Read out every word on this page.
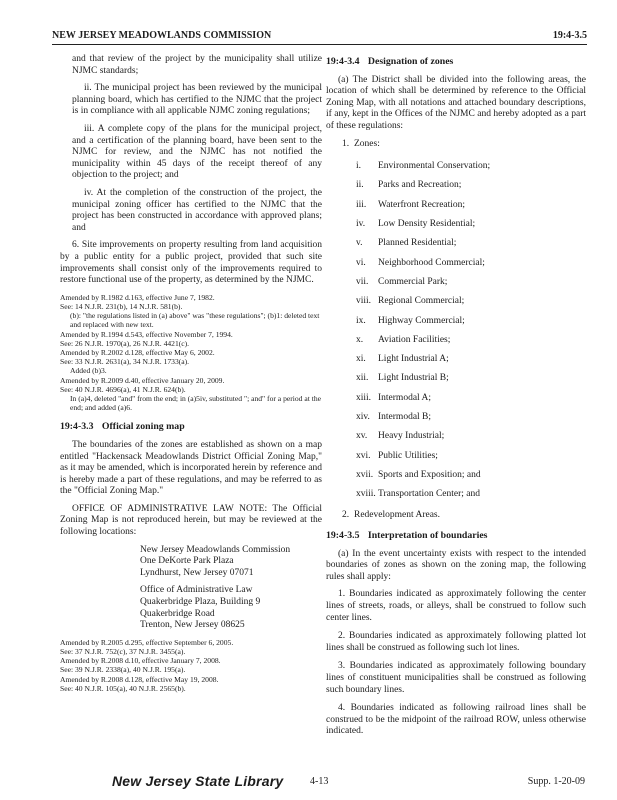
NEW JERSEY MEADOWLANDS COMMISSION	19:4-3.5

and that review of the project by the municipality shall utilize NJMC standards;

ii. The municipal project has been reviewed by the municipal planning board, which has certified to the NJMC that the project is in compliance with all applicable NJMC zoning regulations;

iii. A complete copy of the plans for the municipal project, and a certification of the planning board, have been sent to the NJMC for review, and the NJMC has not notified the municipality within 45 days of the receipt thereof of any objection to the project; and

iv. At the completion of the construction of the project, the municipal zoning officer has certified to the NJMC that the project has been constructed in accordance with approved plans; and

6. Site improvements on property resulting from land acquisition by a public entity for a public project, provided that such site improvements shall consist only of the improvements required to restore functional use of the property, as determined by the NJMC.

Amended by R.1982 d.163, effective June 7, 1982.

See: 14 N.J.R. 231(b), 14 N.J.R. 581(b).

(b): "the regulations listed in (a) above" was "these regulations"; (b)1: deleted text and replaced with new text.

Amended by R.1994 d.543, effective November 7, 1994.

See: 26 N.J.R. 1970(a), 26 N.J.R. 4421(c).

Amended by R.2002 d.128, effective May 6, 2002.

See: 33 N.J.R. 2631(a), 34 N.J.R. 1733(a).

Added (b)3.

Amended by R.2009 d.40, effective January 20, 2009.

See: 40 N.J.R. 4696(a), 41 N.J.R. 624(b).

In (a)4, deleted "and" from the end; in (a)5iv, substituted "; and" for a period at the end; and added (a)6.

19:4-3.3 Official zoning map

The boundaries of the zones are established as shown on a map entitled "Hackensack Meadowlands District Official Zoning Map," as it may be amended, which is incorporated herein by reference and is hereby made a part of these regulations, and may be referred to as the "Official Zoning Map."

OFFICE OF ADMINISTRATIVE LAW NOTE: The Official Zoning Map is not reproduced herein, but may be reviewed at the following locations:

New Jersey Meadowlands Commission
One DeKorte Park Plaza
Lyndhurst, New Jersey 07071
Office of Administrative Law
Quakerbridge Plaza, Building 9
Quakerbridge Road
Trenton, New Jersey 08625

Amended by R.2005 d.295, effective September 6, 2005.

See: 37 N.J.R. 752(c), 37 N.J.R. 3455(a).

Amended by R.2008 d.10, effective January 7, 2008.

See: 39 N.J.R. 2338(a), 40 N.J.R. 195(a).

Amended by R.2008 d.128, effective May 19, 2008.

See: 40 N.J.R. 105(a), 40 N.J.R. 2565(b).

19:4-3.4 Designation of zones

(a) The District shall be divided into the following areas, the location of which shall be determined by reference to the Official Zoning Map, with all notations and attached boundary descriptions, if any, kept in the Offices of the NJMC and hereby adopted as a part of these regulations:

1. Zones:
i.	Environmental Conservation;
ii.	Parks and Recreation;
iii.	Waterfront Recreation;
iv.	Low Density Residential;
v.	Planned Residential;
vi.	Neighborhood Commercial;
vii.	Commercial Park;
viii. Regional Commercial;
ix.	Highway Commercial;
x.	Aviation Facilities;
xi.	Light Industrial A;
xii.	Light Industrial B;
xiii. Intermodal A;
xiv. Intermodal B;
xv.	Heavy Industrial;
xvi. Public Utilities;
xvii. Sports and Exposition; and
xviii. Transportation Center; and
2. Redevelopment Areas.
19:4-3.5 Interpretation of boundaries

(a) In the event uncertainty exists with respect to the intended boundaries of zones as shown on the zoning map, the following rules shall apply:

1. Boundaries indicated as approximately following the center lines of streets, roads, or alleys, shall be construed to follow such center lines.

2. Boundaries indicated as approximately following platted lot lines shall be construed as following such lot lines.

3. Boundaries indicated as approximately following boundary lines of constituent municipalities shall be construed as following such boundary lines.

4. Boundaries indicated as following railroad lines shall be construed to be the midpoint of the railroad ROW, unless otherwise indicated.

New Jersey State Library	4-13	Supp. 1-20-09
